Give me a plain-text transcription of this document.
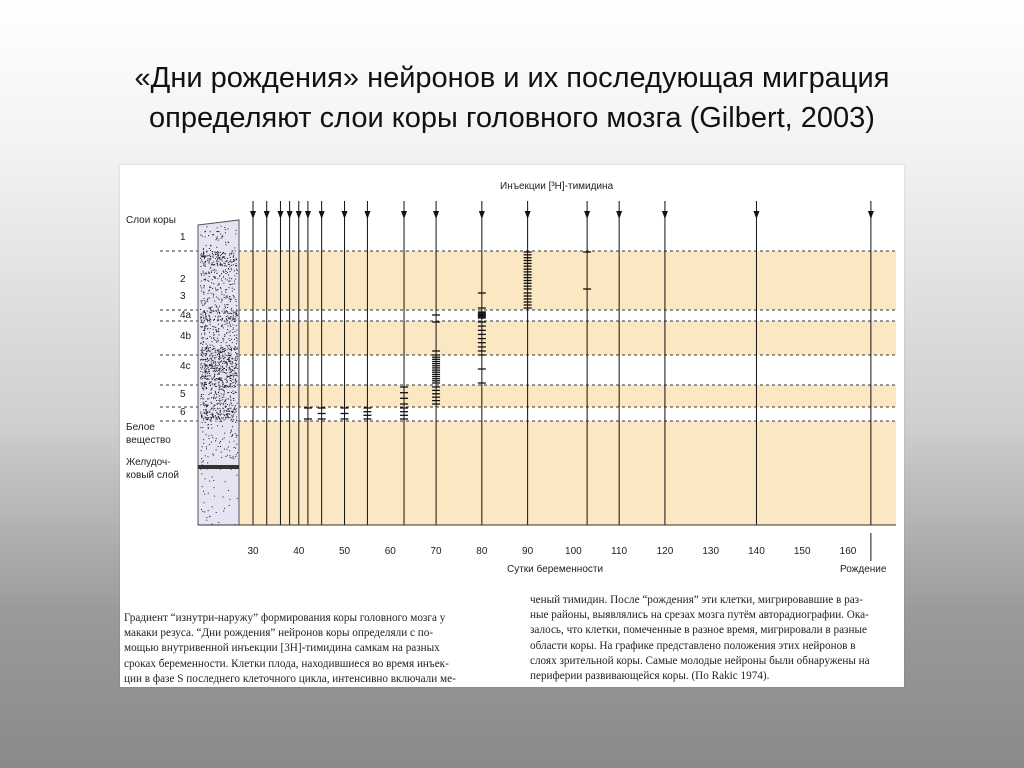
«Дни рождения» нейронов и их последующая миграция
определяют слои коры головного мозга (Gilbert, 2003)
Слои коры
1
2
3
4a
4b
4c
5
6
Белое
вещество
Желудоч-
ковый слой
Инъекции [³H]-тимидина
30	40	50	60	70	80	90	100	110	120	130	140	150	160
Сутки беременности	Рождение
Градиент “изнутри-наружу” формирования коры головного мозга у
макаки резуса. “Дни рождения” нейронов коры определяли с по-
мощью внутривенной инъекции [3Н]-тимидина самкам на разных
сроках беременности. Клетки плода, находившиеся во время инъек-
ции в фазе S последнего клеточного цикла, интенсивно включали ме-
ченый тимидин. После “рождения” эти клетки, мигрировавшие в раз-
ные районы, выявлялись на срезах мозга путём авторадиографии. Ока-
залось, что клетки, помеченные в разное время, мигрировали в разные
области коры. На графике представлено положения этих нейронов в
слоях зрительной коры. Самые молодые нейроны были обнаружены на
периферии развивающейся коры. (По Rakic 1974).
